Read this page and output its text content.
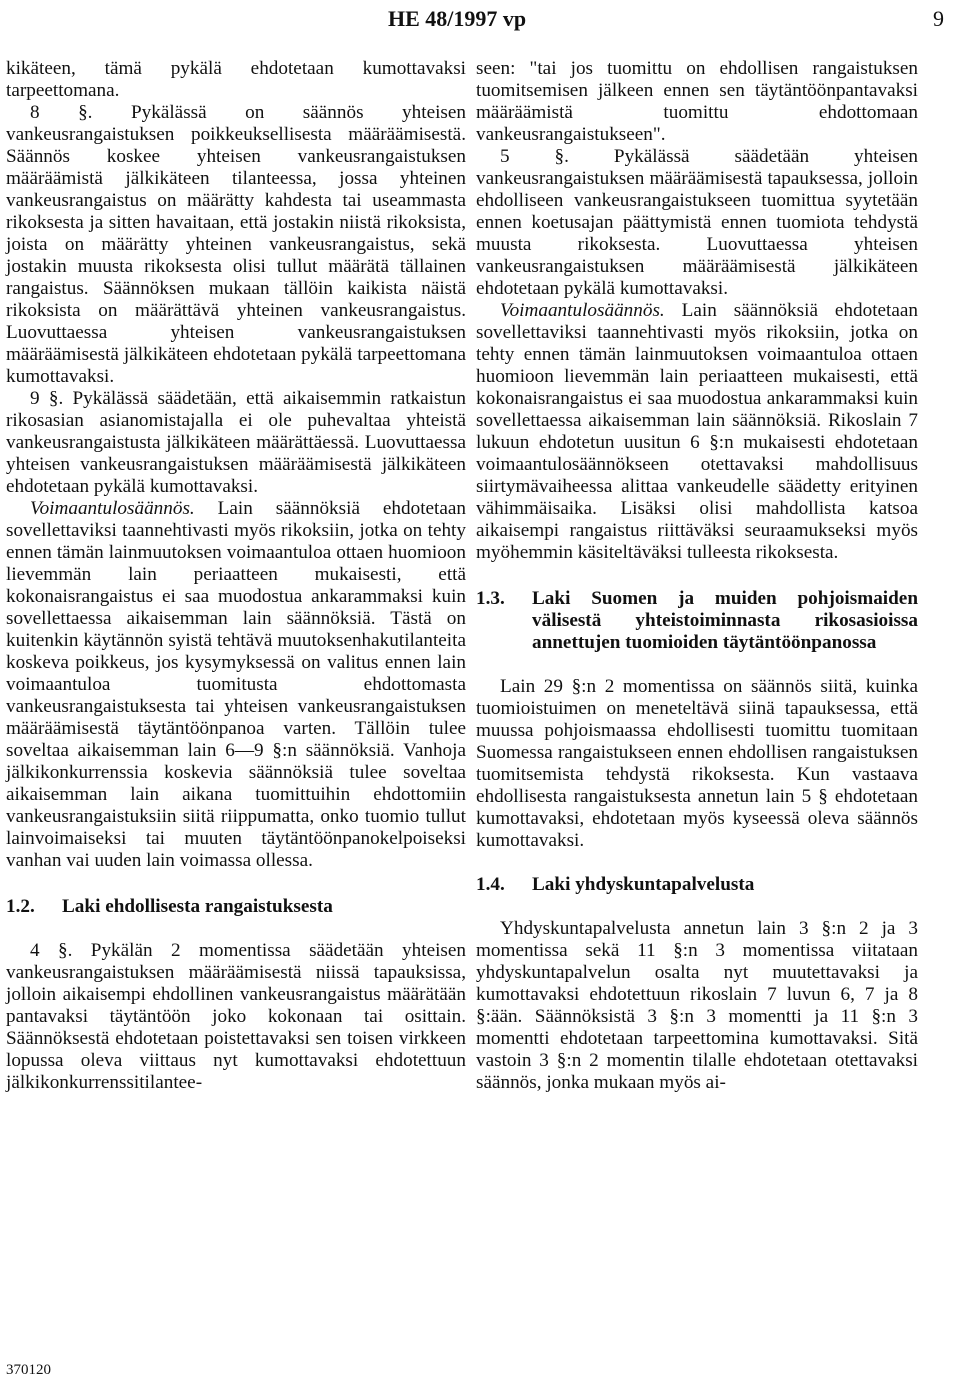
HE 48/1997 vp	9

kikäteen, tämä pykälä ehdotetaan kumottavaksi tarpeettomana.

8 §. Pykälässä on säännös yhteisen vankeusrangaistuksen poikkeuksellisesta määräämisestä. Säännös koskee yhteisen vankeusrangaistuksen määräämistä jälkikäteen tilanteessa, jossa yhteinen vankeusrangaistus on määrätty kahdesta tai useammasta rikoksesta ja sitten havaitaan, että jostakin niistä rikoksista, joista on määrätty yhteinen vankeusrangaistus, sekä jostakin muusta rikoksesta olisi tullut määrätä tällainen rangaistus. Säännöksen mukaan tällöin kaikista näistä rikoksista on määrättävä yhteinen vankeusrangaistus. Luovuttaessa yhteisen vankeusrangaistuksen määräämisestä jälkikäteen ehdotetaan pykälä tarpeettomana kumottavaksi.

9 §. Pykälässä säädetään, että aikaisemmin ratkaistun rikosasian asianomistajalla ei ole puhevaltaa yhteistä vankeusrangaistusta jälkikäteen määrättäessä. Luovuttaessa yhteisen vankeusrangaistuksen määräämisestä jälkikäteen ehdotetaan pykälä kumottavaksi.

Voimaantulosäännös. Lain säännöksiä ehdotetaan sovellettaviksi taannehtivasti myös rikoksiin, jotka on tehty ennen tämän lainmuutoksen voimaantuloa ottaen huomioon lievemmän lain periaatteen mukaisesti, että kokonaisrangaistus ei saa muodostua ankarammaksi kuin sovellettaessa aikaisemman lain säännöksiä. Tästä on kuitenkin käytännön syistä tehtävä muutoksenhakutilanteita koskeva poikkeus, jos kysymyksessä on valitus ennen lain voimaantuloa tuomitusta ehdottomasta vankeusrangaistuksesta tai yhteisen vankeusrangaistuksen määräämisestä täytäntöönpanoa varten. Tällöin tulee soveltaa aikaisemman lain 6—9 §:n säännöksiä. Vanhoja jälkikonkurrenssia koskevia säännöksiä tulee soveltaa aikaisemman lain aikana tuomittuihin ehdottomiin vankeusrangaistuksiin siitä riippumatta, onko tuomio tullut lainvoimaiseksi tai muuten täytäntöönpanokelpoiseksi vanhan vai uuden lain voimassa ollessa.

1.2.	Laki ehdollisesta rangaistuksesta

4 §. Pykälän 2 momentissa säädetään yhteisen vankeusrangaistuksen määräämisestä niissä tapauksissa, jolloin aikaisempi ehdollinen vankeusrangaistus määrätään pantavaksi täytäntöön joko kokonaan tai osittain. Säännöksestä ehdotetaan poistettavaksi sen toisen virkkeen lopussa oleva viittaus nyt kumottavaksi ehdotettuun jälkikonkurrenssitilantee-

seen: "tai jos tuomittu on ehdollisen rangaistuksen tuomitsemisen jälkeen ennen sen täytäntöönpantavaksi määräämistä tuomittu ehdottomaan vankeusrangaistukseen".

5 §. Pykälässä säädetään yhteisen vankeusrangaistuksen määräämisestä tapauksessa, jolloin ehdolliseen vankeusrangaistukseen tuomittua syytetään ennen koetusajan päättymistä ennen tuomiota tehdystä muusta rikoksesta. Luovuttaessa yhteisen vankeusrangaistuksen määräämisestä jälkikäteen ehdotetaan pykälä kumottavaksi.

Voimaantulosäännös. Lain säännöksiä ehdotetaan sovellettaviksi taannehtivasti myös rikoksiin, jotka on tehty ennen tämän lainmuutoksen voimaantuloa ottaen huomioon lievemmän lain periaatteen mukaisesti, että kokonaisrangaistus ei saa muodostua ankarammaksi kuin sovellettaessa aikaisemman lain säännöksiä. Rikoslain 7 lukuun ehdotetun uusitun 6 §:n mukaisesti ehdotetaan voimaantulosäännökseen otettavaksi mahdollisuus siirtymävaiheessa alittaa vankeudelle säädetty erityinen vähimmäisaika. Lisäksi olisi mahdollista katsoa aikaisempi rangaistus riittäväksi seuraamukseksi myös myöhemmin käsiteltäväksi tulleesta rikoksesta.

1.3.	Laki Suomen ja muiden pohjoismaiden välisestä yhteistoiminnasta rikosasioissa annettujen tuomioiden täytäntöönpanossa

Lain 29 §:n 2 momentissa on säännös siitä, kuinka tuomioistuimen on meneteltävä siinä tapauksessa, että muussa pohjoismaassa ehdollisesti tuomittu tuomitaan Suomessa rangaistukseen ennen ehdollisen rangaistuksen tuomitsemista tehdystä rikoksesta. Kun vastaava ehdollisesta rangaistuksesta annetun lain 5 § ehdotetaan kumottavaksi, ehdotetaan myös kyseessä oleva säännös kumottavaksi.

1.4.	Laki yhdyskuntapalvelusta

Yhdyskuntapalvelusta annetun lain 3 §:n 2 ja 3 momentissa sekä 11 §:n 3 momentissa viitataan yhdyskuntapalvelun osalta nyt muutettavaksi ja kumottavaksi ehdotettuun rikoslain 7 luvun 6, 7 ja 8 §:ään. Säännöksistä 3 §:n 3 momentti ja 11 §:n 3 momentti ehdotetaan tarpeettomina kumottavaksi. Sitä vastoin 3 §:n 2 momentin tilalle ehdotetaan otettavaksi säännös, jonka mukaan myös ai-

370120
